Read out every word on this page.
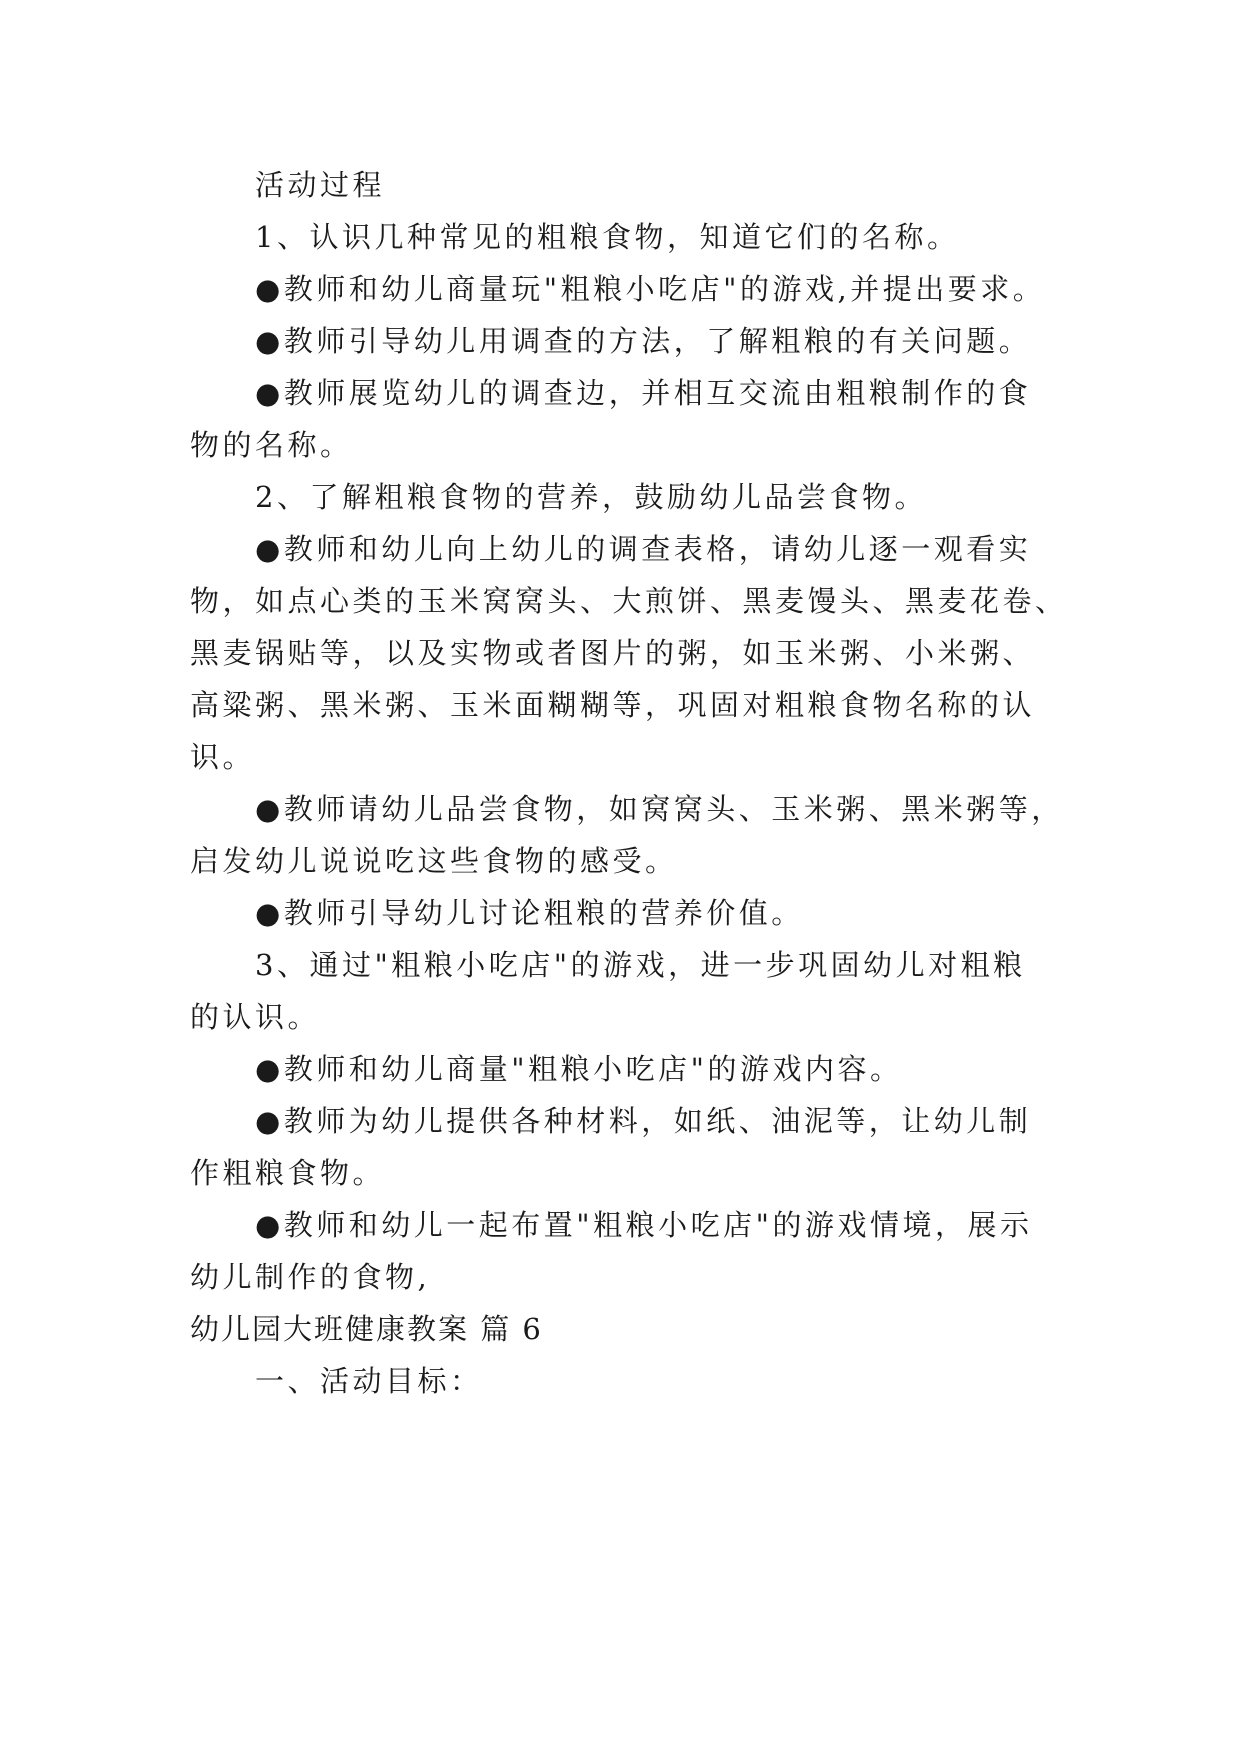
活动过程

1、认识几种常见的粗粮食物，知道它们的名称。

●教师和幼儿商量玩"粗粮小吃店"的游戏,并提出要求。

●教师引导幼儿用调查的方法，了解粗粮的有关问题。

●教师展览幼儿的调查边，并相互交流由粗粮制作的食

物的名称。

2、了解粗粮食物的营养，鼓励幼儿品尝食物。

●教师和幼儿向上幼儿的调查表格，请幼儿逐一观看实

物，如点心类的玉米窝窝头、大煎饼、黑麦馒头、黑麦花卷、

黑麦锅贴等，以及实物或者图片的粥，如玉米粥、小米粥、

高粱粥、黑米粥、玉米面糊糊等，巩固对粗粮食物名称的认

识。

●教师请幼儿品尝食物，如窝窝头、玉米粥、黑米粥等，

启发幼儿说说吃这些食物的感受。

●教师引导幼儿讨论粗粮的营养价值。

3、通过"粗粮小吃店"的游戏，进一步巩固幼儿对粗粮

的认识。

●教师和幼儿商量"粗粮小吃店"的游戏内容。

●教师为幼儿提供各种材料，如纸、油泥等，让幼儿制

作粗粮食物。

●教师和幼儿一起布置"粗粮小吃店"的游戏情境，展示

幼儿制作的食物,

幼儿园大班健康教案 篇 6

一、活动目标：
